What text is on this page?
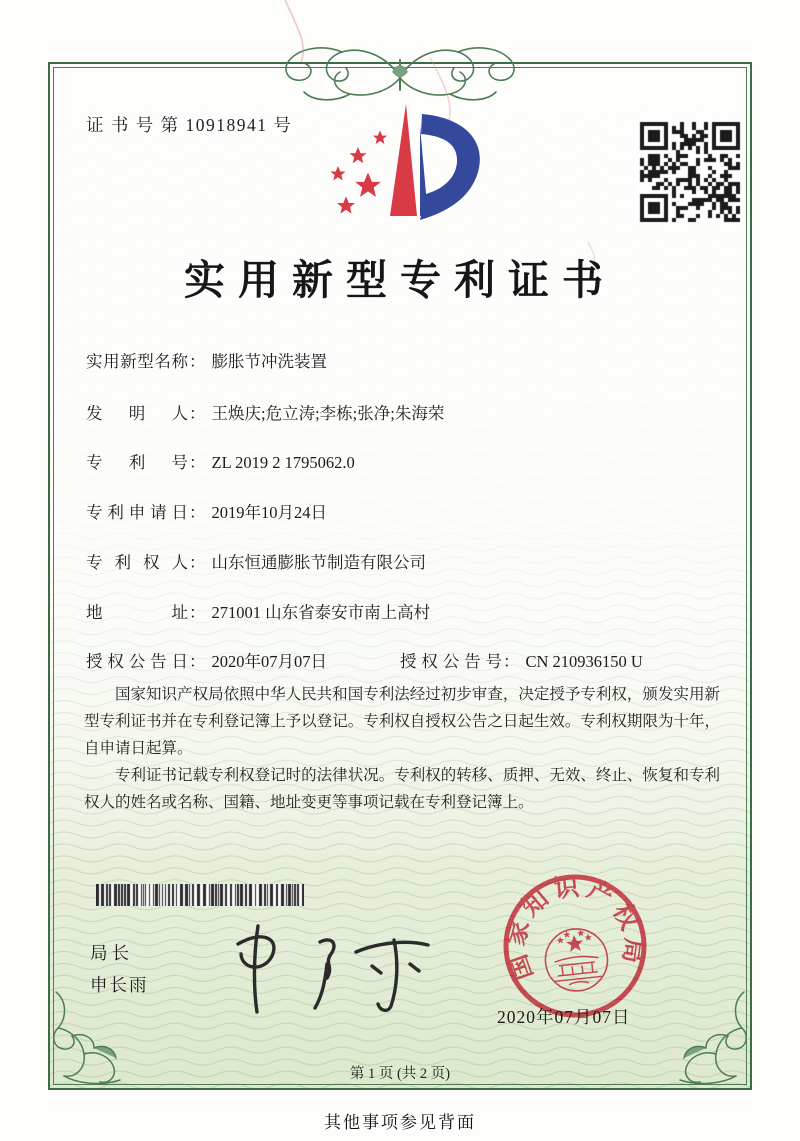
证 书 号 第 10918941 号
实用新型专利证书
实用新型名称： 膨胀节冲洗装置
发明人： 王焕庆;危立涛;李栋;张净;朱海荣
专利号： ZL 2019 2 1795062.0
专利申请日： 2019年10月24日
专利权人： 山东恒通膨胀节制造有限公司
地址： 271001 山东省泰安市南上高村
授权公告日： 2020年07月07日	授权公告号： CN 210936150 U

国家知识产权局依照中华人民共和国专利法经过初步审查，决定授予专利权，颁发实用新型专利证书并在专利登记簿上予以登记。专利权自授权公告之日起生效。专利权期限为十年，自申请日起算。

专利证书记载专利权登记时的法律状况。专利权的转移、质押、无效、终止、恢复和专利权人的姓名或名称、国籍、地址变更等事项记载在专利登记簿上。

局长
申长雨
国家知识产权局
2020年07月07日
第 1 页 (共 2 页)
其他事项参见背面
